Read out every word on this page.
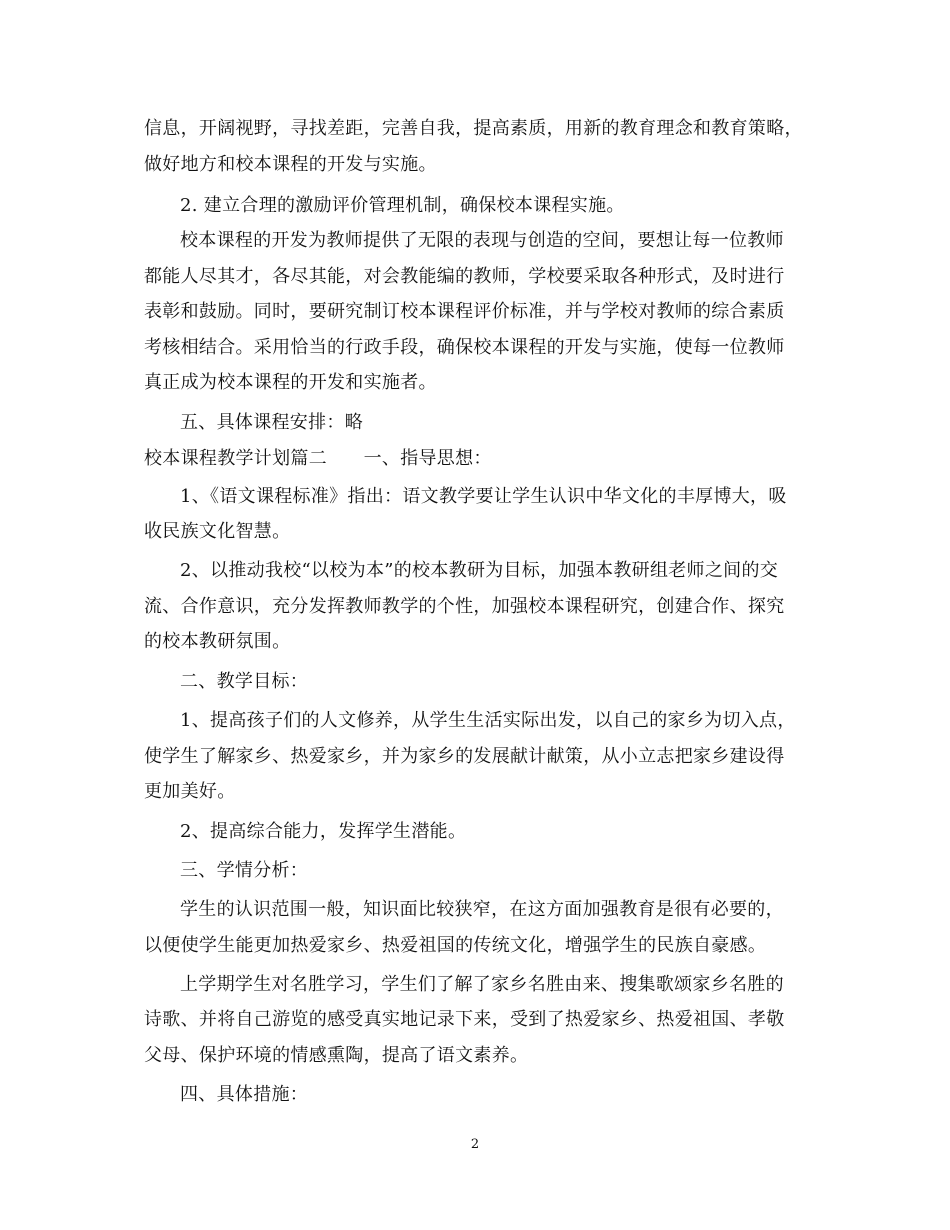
信息，开阔视野，寻找差距，完善自我，提高素质，用新的教育理念和教育策略，
做好地方和校本课程的开发与实施。
2. 建立合理的激励评价管理机制，确保校本课程实施。
校本课程的开发为教师提供了无限的表现与创造的空间，要想让每一位教师
都能人尽其才，各尽其能，对会教能编的教师，学校要采取各种形式，及时进行
表彰和鼓励。同时，要研究制订校本课程评价标准，并与学校对教师的综合素质
考核相结合。采用恰当的行政手段，确保校本课程的开发与实施，使每一位教师
真正成为校本课程的开发和实施者。
五、具体课程安排：略
校本课程教学计划篇二　　一、指导思想：
1、《语文课程标准》指出：语文教学要让学生认识中华文化的丰厚博大，吸
收民族文化智慧。
2、以推动我校“以校为本”的校本教研为目标，加强本教研组老师之间的交
流、合作意识，充分发挥教师教学的个性，加强校本课程研究，创建合作、探究
的校本教研氛围。
二、教学目标：
1、提高孩子们的人文修养，从学生生活实际出发，以自己的家乡为切入点，
使学生了解家乡、热爱家乡，并为家乡的发展献计献策，从小立志把家乡建设得
更加美好。
2、提高综合能力，发挥学生潜能。
三、学情分析：
学生的认识范围一般，知识面比较狭窄，在这方面加强教育是很有必要的，
以便使学生能更加热爱家乡、热爱祖国的传统文化，增强学生的民族自豪感。
上学期学生对名胜学习，学生们了解了家乡名胜由来、搜集歌颂家乡名胜的
诗歌、并将自己游览的感受真实地记录下来，受到了热爱家乡、热爱祖国、孝敬
父母、保护环境的情感熏陶，提高了语文素养。
四、具体措施：
2
